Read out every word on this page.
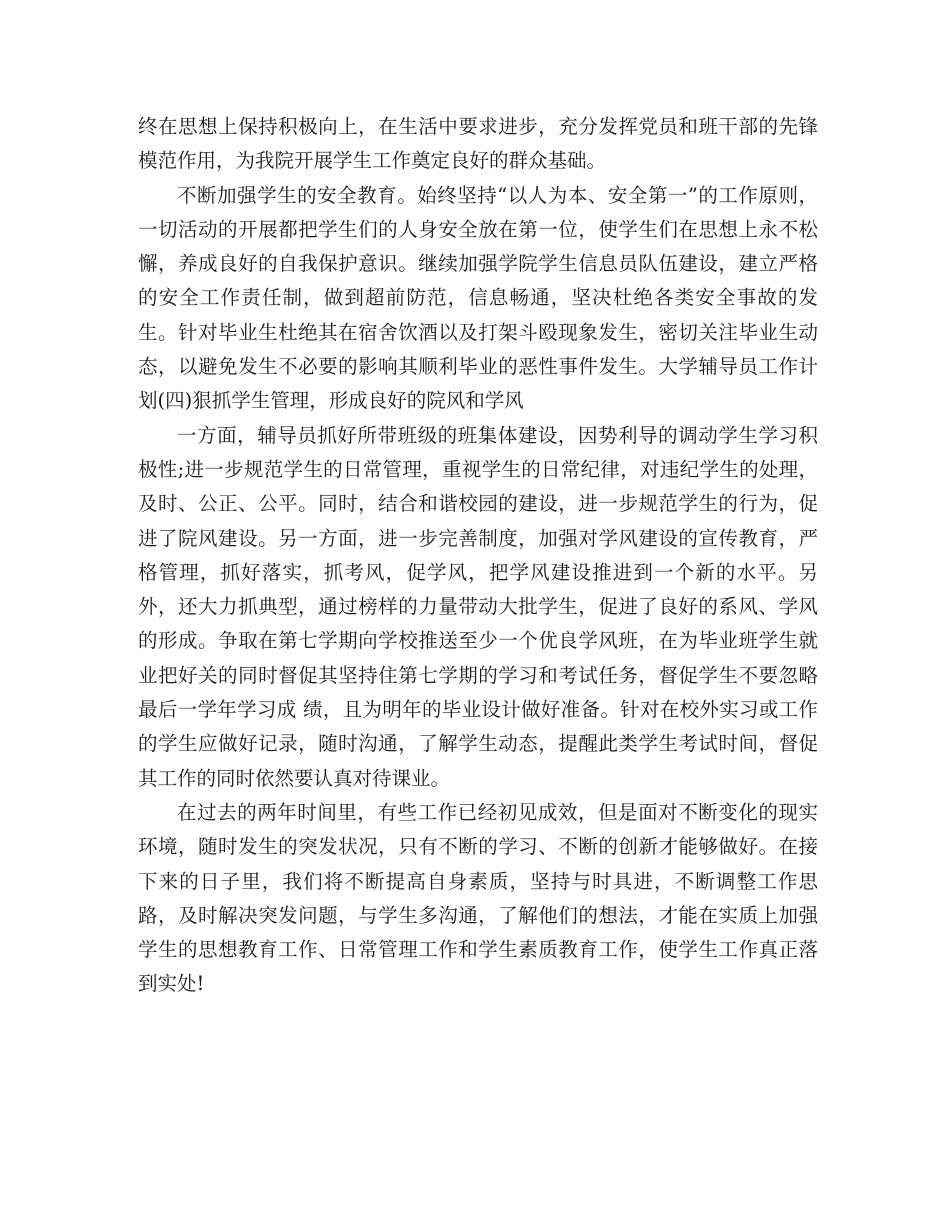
终在思想上保持积极向上，在生活中要求进步，充分发挥党员和班干部的先锋模范作用，为我院开展学生工作奠定良好的群众基础。

不断加强学生的安全教育。始终坚持“以人为本、安全第一”的工作原则，一切活动的开展都把学生们的人身安全放在第一位，使学生们在思想上永不松懈，养成良好的自我保护意识。继续加强学院学生信息员队伍建设，建立严格的安全工作责任制，做到超前防范，信息畅通，坚决杜绝各类安全事故的发生。针对毕业生杜绝其在宿舍饮酒以及打架斗殴现象发生，密切关注毕业生动态，以避免发生不必要的影响其顺利毕业的恶性事件发生。大学辅导员工作计划(四)狠抓学生管理，形成良好的院风和学风

一方面，辅导员抓好所带班级的班集体建设，因势利导的调动学生学习积极性;进一步规范学生的日常管理，重视学生的日常纪律，对违纪学生的处理，及时、公正、公平。同时，结合和谐校园的建设，进一步规范学生的行为，促进了院风建设。另一方面，进一步完善制度，加强对学风建设的宣传教育，严格管理，抓好落实，抓考风，促学风，把学风建设推进到一个新的水平。另外，还大力抓典型，通过榜样的力量带动大批学生，促进了良好的系风、学风的形成。争取在第七学期向学校推送至少一个优良学风班，在为毕业班学生就业把好关的同时督促其坚持住第七学期的学习和考试任务，督促学生不要忽略最后一学年学习成 绩，且为明年的毕业设计做好准备。针对在校外实习或工作的学生应做好记录，随时沟通，了解学生动态，提醒此类学生考试时间，督促其工作的同时依然要认真对待课业。

在过去的两年时间里，有些工作已经初见成效，但是面对不断变化的现实环境，随时发生的突发状况，只有不断的学习、不断的创新才能够做好。在接下来的日子里，我们将不断提高自身素质，坚持与时具进，不断调整工作思路，及时解决突发问题，与学生多沟通，了解他们的想法，才能在实质上加强学生的思想教育工作、日常管理工作和学生素质教育工作，使学生工作真正落到实处!
